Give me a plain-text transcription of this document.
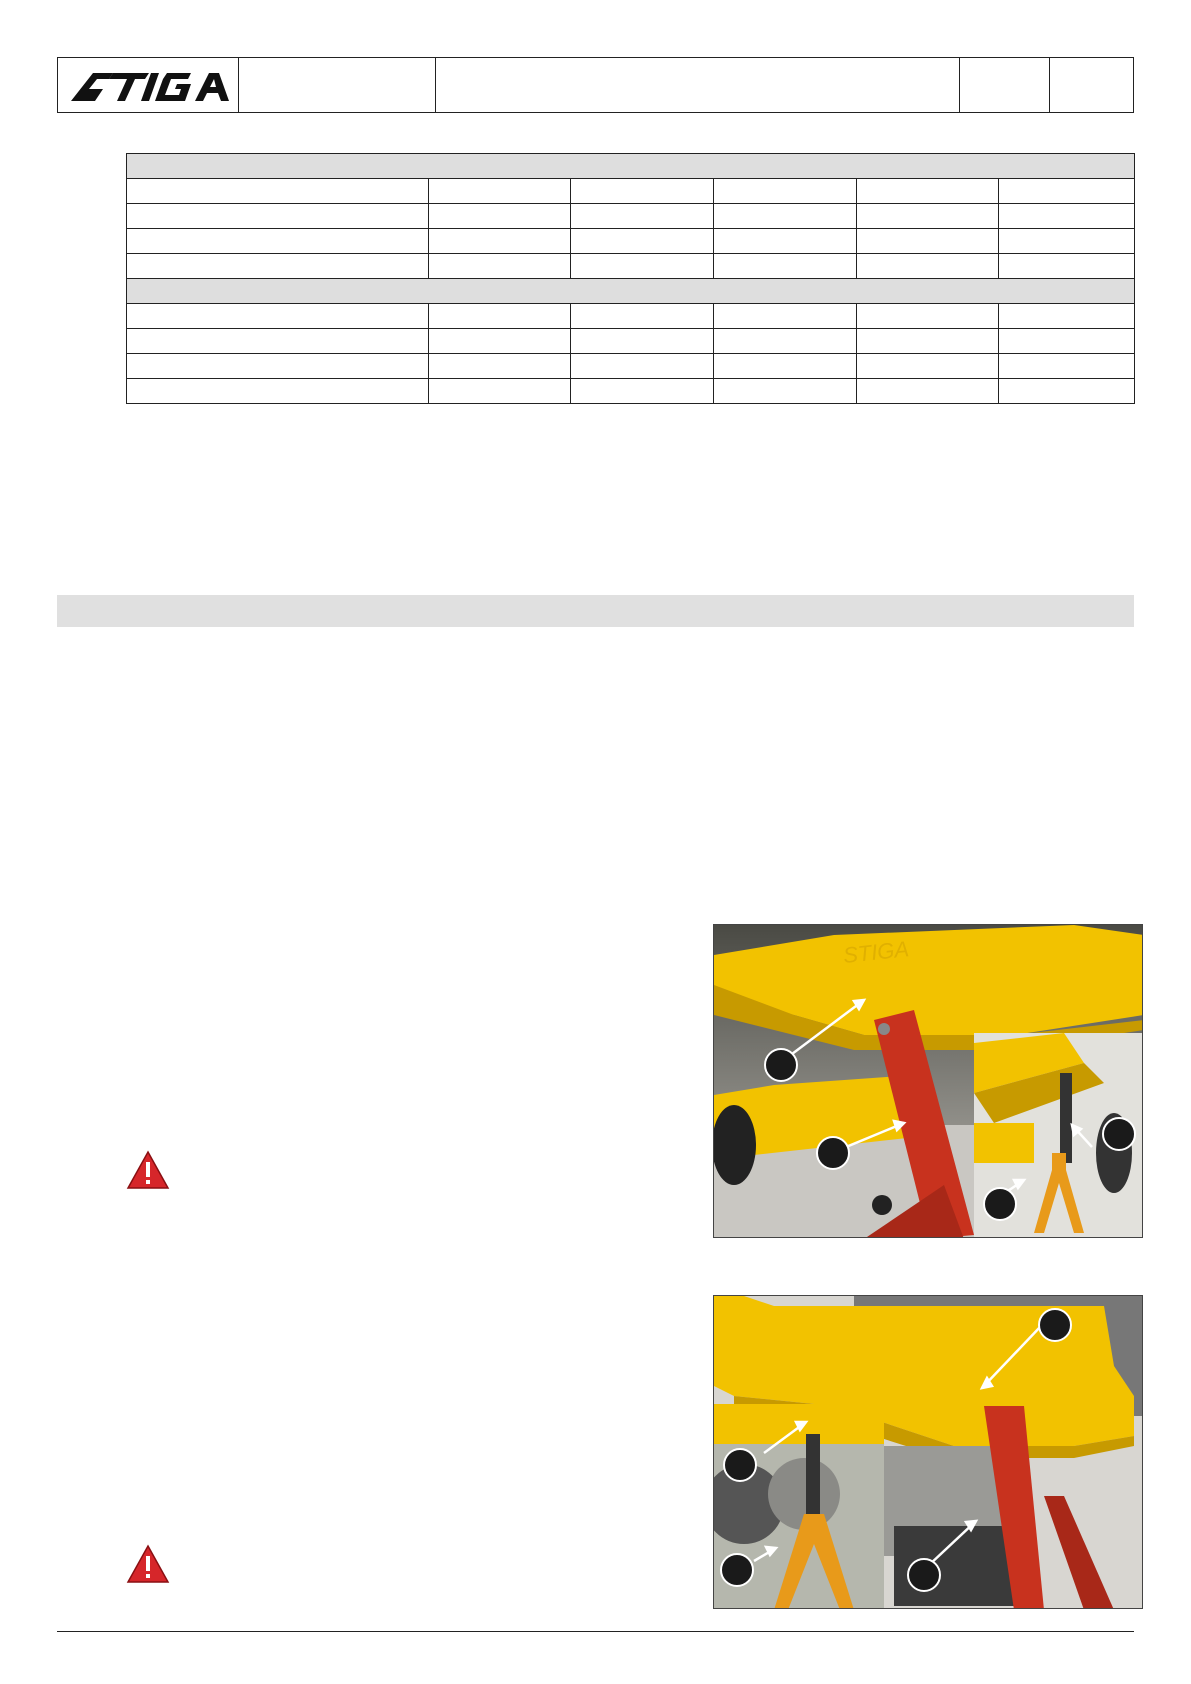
STIGA
